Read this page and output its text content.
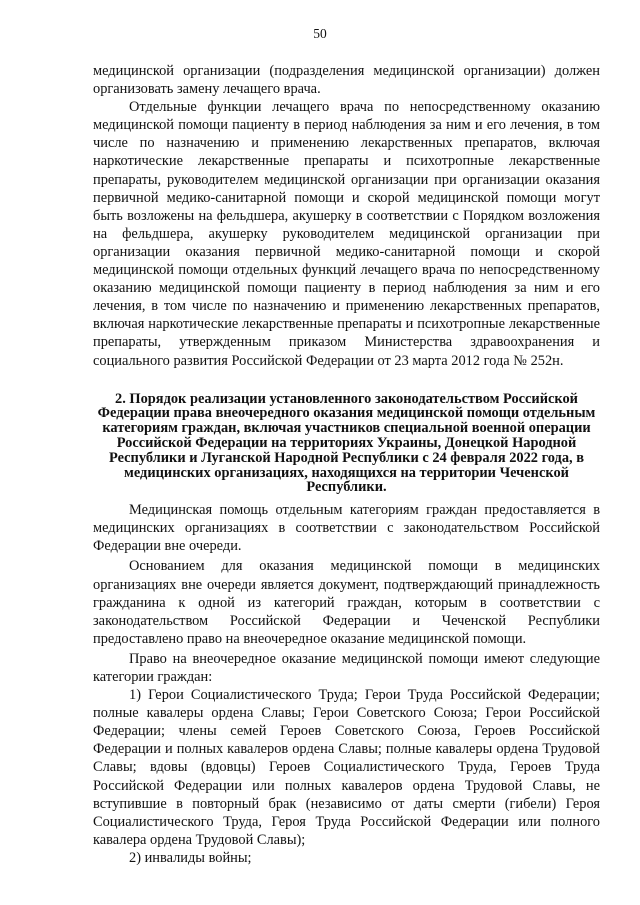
50

медицинской организации (подразделения медицинской организации) должен организовать замену лечащего врача.

Отдельные функции лечащего врача по непосредственному оказанию медицинской помощи пациенту в период наблюдения за ним и его лечения, в том числе по назначению и применению лекарственных препаратов, включая наркотические лекарственные препараты и психотропные лекарственные препараты, руководителем медицинской организации при организации оказания первичной медико-санитарной помощи и скорой медицинской помощи могут быть возложены на фельдшера, акушерку в соответствии с Порядком возложения на фельдшера, акушерку руководителем медицинской организации при организации оказания первичной медико-санитарной помощи и скорой медицинской помощи отдельных функций лечащего врача по непосредственному оказанию медицинской помощи пациенту в период наблюдения за ним и его лечения, в том числе по назначению и применению лекарственных препаратов, включая наркотические лекарственные препараты и психотропные лекарственные препараты, утвержденным приказом Министерства здравоохранения и социального развития Российской Федерации от 23 марта 2012 года № 252н.

2. Порядок реализации установленного законодательством Российской Федерации права внеочередного оказания медицинской помощи отдельным категориям граждан, включая участников специальной военной операции Российской Федерации на территориях Украины, Донецкой Народной Республики и Луганской Народной Республики с 24 февраля 2022 года, в медицинских организациях, находящихся на территории Чеченской Республики.

Медицинская помощь отдельным категориям граждан предоставляется в медицинских организациях в соответствии с законодательством Российской Федерации вне очереди.

Основанием для оказания медицинской помощи в медицинских организациях вне очереди является документ, подтверждающий принадлежность гражданина к одной из категорий граждан, которым в соответствии с законодательством Российской Федерации и Чеченской Республики предоставлено право на внеочередное оказание медицинской помощи.

Право на внеочередное оказание медицинской помощи имеют следующие категории граждан:

1) Герои Социалистического Труда; Герои Труда Российской Федерации; полные кавалеры ордена Славы; Герои Советского Союза; Герои Российской Федерации; члены семей Героев Советского Союза, Героев Российской Федерации и полных кавалеров ордена Славы; полные кавалеры ордена Трудовой Славы; вдовы (вдовцы) Героев Социалистического Труда, Героев Труда Российской Федерации или полных кавалеров ордена Трудовой Славы, не вступившие в повторный брак (независимо от даты смерти (гибели) Героя Социалистического Труда, Героя Труда Российской Федерации или полного кавалера ордена Трудовой Славы);

2) инвалиды войны;
